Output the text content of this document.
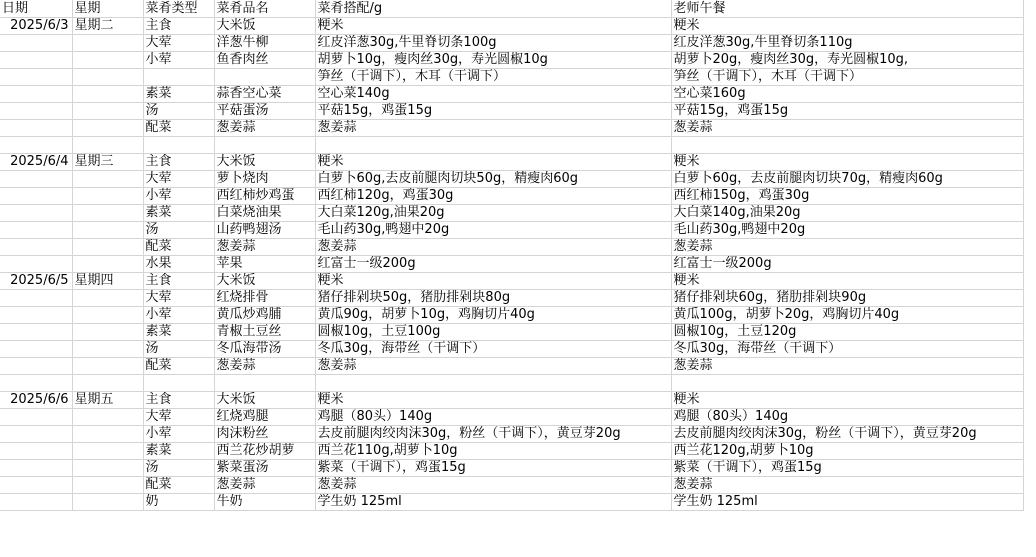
日期	星期	菜肴类型	菜肴品名	菜肴搭配/g	老师午餐
2025/6/3	星期二	主食	大米饭	粳米	粳米
		大荤	洋葱牛柳	红皮洋葱30g,牛里脊切条100g	红皮洋葱30g,牛里脊切条110g
		小荤	鱼香肉丝	胡萝卜10g，瘦肉丝30g，寿光圆椒10g	胡萝卜20g，瘦肉丝30g，寿光圆椒10g,
				笋丝（干调下），木耳（干调下）	笋丝（干调下），木耳（干调下）
		素菜	蒜香空心菜	空心菜140g	空心菜160g
		汤	平菇蛋汤	平菇15g，鸡蛋15g	平菇15g，鸡蛋15g
		配菜	葱姜蒜	葱姜蒜	葱姜蒜

2025/6/4	星期三	主食	大米饭	粳米	粳米
		大荤	萝卜烧肉	白萝卜60g,去皮前腿肉切块50g，精瘦肉60g	白萝卜60g，去皮前腿肉切块70g，精瘦肉60g
		小荤	西红柿炒鸡蛋	西红柿120g，鸡蛋30g	西红柿150g，鸡蛋30g
		素菜	白菜烧油果	大白菜120g,油果20g	大白菜140g,油果20g
		汤	山药鸭翅汤	毛山药30g,鸭翅中20g	毛山药30g,鸭翅中20g
		配菜	葱姜蒜	葱姜蒜	葱姜蒜
		水果	苹果	红富士一级200g	红富士一级200g
2025/6/5	星期四	主食	大米饭	粳米	粳米
		大荤	红烧排骨	猪仔排剁块50g，猪肋排剁块80g	猪仔排剁块60g，猪肋排剁块90g
		小荤	黄瓜炒鸡脯	黄瓜90g，胡萝卜10g，鸡胸切片40g	黄瓜100g，胡萝卜20g，鸡胸切片40g
		素菜	青椒土豆丝	圆椒10g，土豆100g	圆椒10g，土豆120g
		汤	冬瓜海带汤	冬瓜30g，海带丝（干调下）	冬瓜30g，海带丝（干调下）
		配菜	葱姜蒜	葱姜蒜	葱姜蒜

2025/6/6	星期五	主食	大米饭	粳米	粳米
		大荤	红烧鸡腿	鸡腿（80头）140g	鸡腿（80头）140g
		小荤	肉沫粉丝	去皮前腿肉绞肉沫30g，粉丝（干调下），黄豆芽20g	去皮前腿肉绞肉沫30g，粉丝（干调下），黄豆芽20g
		素菜	西兰花炒胡萝	西兰花110g,胡萝卜10g	西兰花120g,胡萝卜10g
		汤	紫菜蛋汤	紫菜（干调下），鸡蛋15g	紫菜（干调下），鸡蛋15g
		配菜	葱姜蒜	葱姜蒜	葱姜蒜
		奶	牛奶	学生奶 125ml	学生奶 125ml
